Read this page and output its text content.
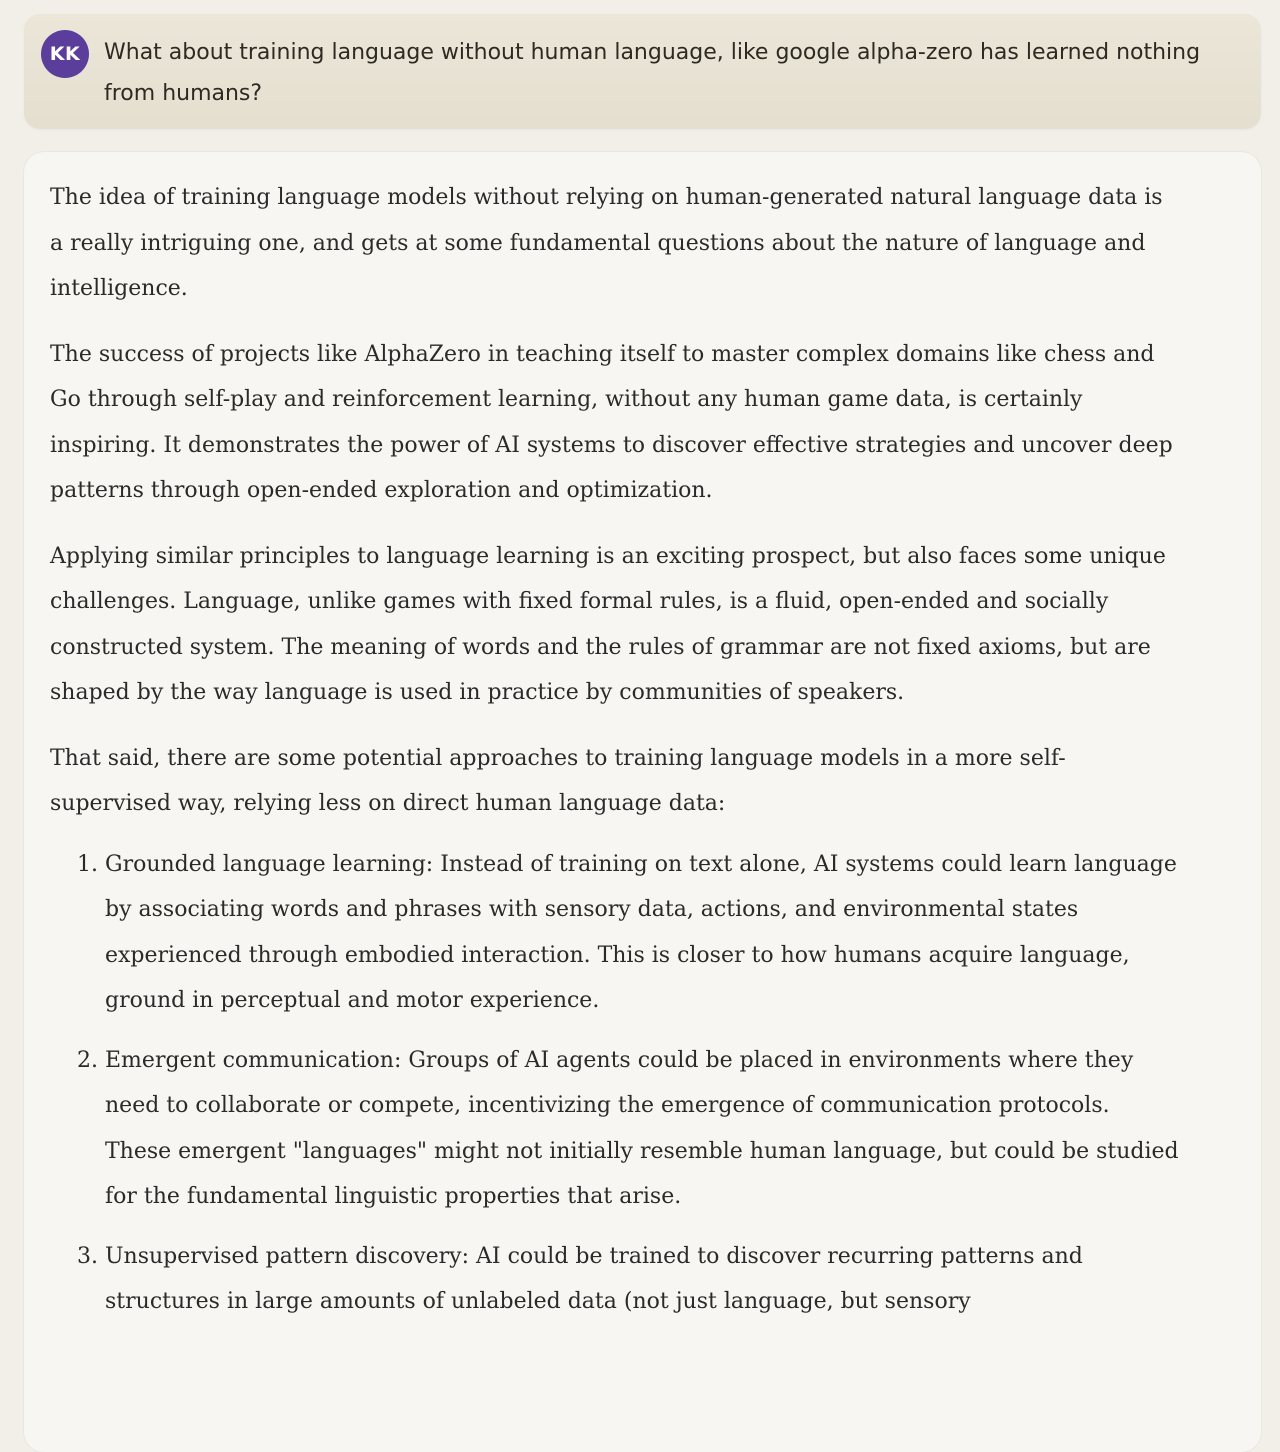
KK	What about training language without human language, like google alpha-zero has learned nothing from humans?

The idea of training language models without relying on human-generated natural language data is a really intriguing one, and gets at some fundamental questions about the nature of language and intelligence.

The success of projects like AlphaZero in teaching itself to master complex domains like chess and Go through self-play and reinforcement learning, without any human game data, is certainly inspiring. It demonstrates the power of AI systems to discover effective strategies and uncover deep patterns through open-ended exploration and optimization.

Applying similar principles to language learning is an exciting prospect, but also faces some unique challenges. Language, unlike games with fixed formal rules, is a fluid, open-ended and socially constructed system. The meaning of words and the rules of grammar are not fixed axioms, but are shaped by the way language is used in practice by communities of speakers.

That said, there are some potential approaches to training language models in a more self-supervised way, relying less on direct human language data:

1. Grounded language learning: Instead of training on text alone, AI systems could learn language by associating words and phrases with sensory data, actions, and environmental states experienced through embodied interaction. This is closer to how humans acquire language, ground in perceptual and motor experience.
2. Emergent communication: Groups of AI agents could be placed in environments where they need to collaborate or compete, incentivizing the emergence of communication protocols. These emergent "languages" might not initially resemble human language, but could be studied for the fundamental linguistic properties that arise.
3. Unsupervised pattern discovery: AI could be trained to discover recurring patterns and structures in large amounts of unlabeled data (not just language, but sensory
